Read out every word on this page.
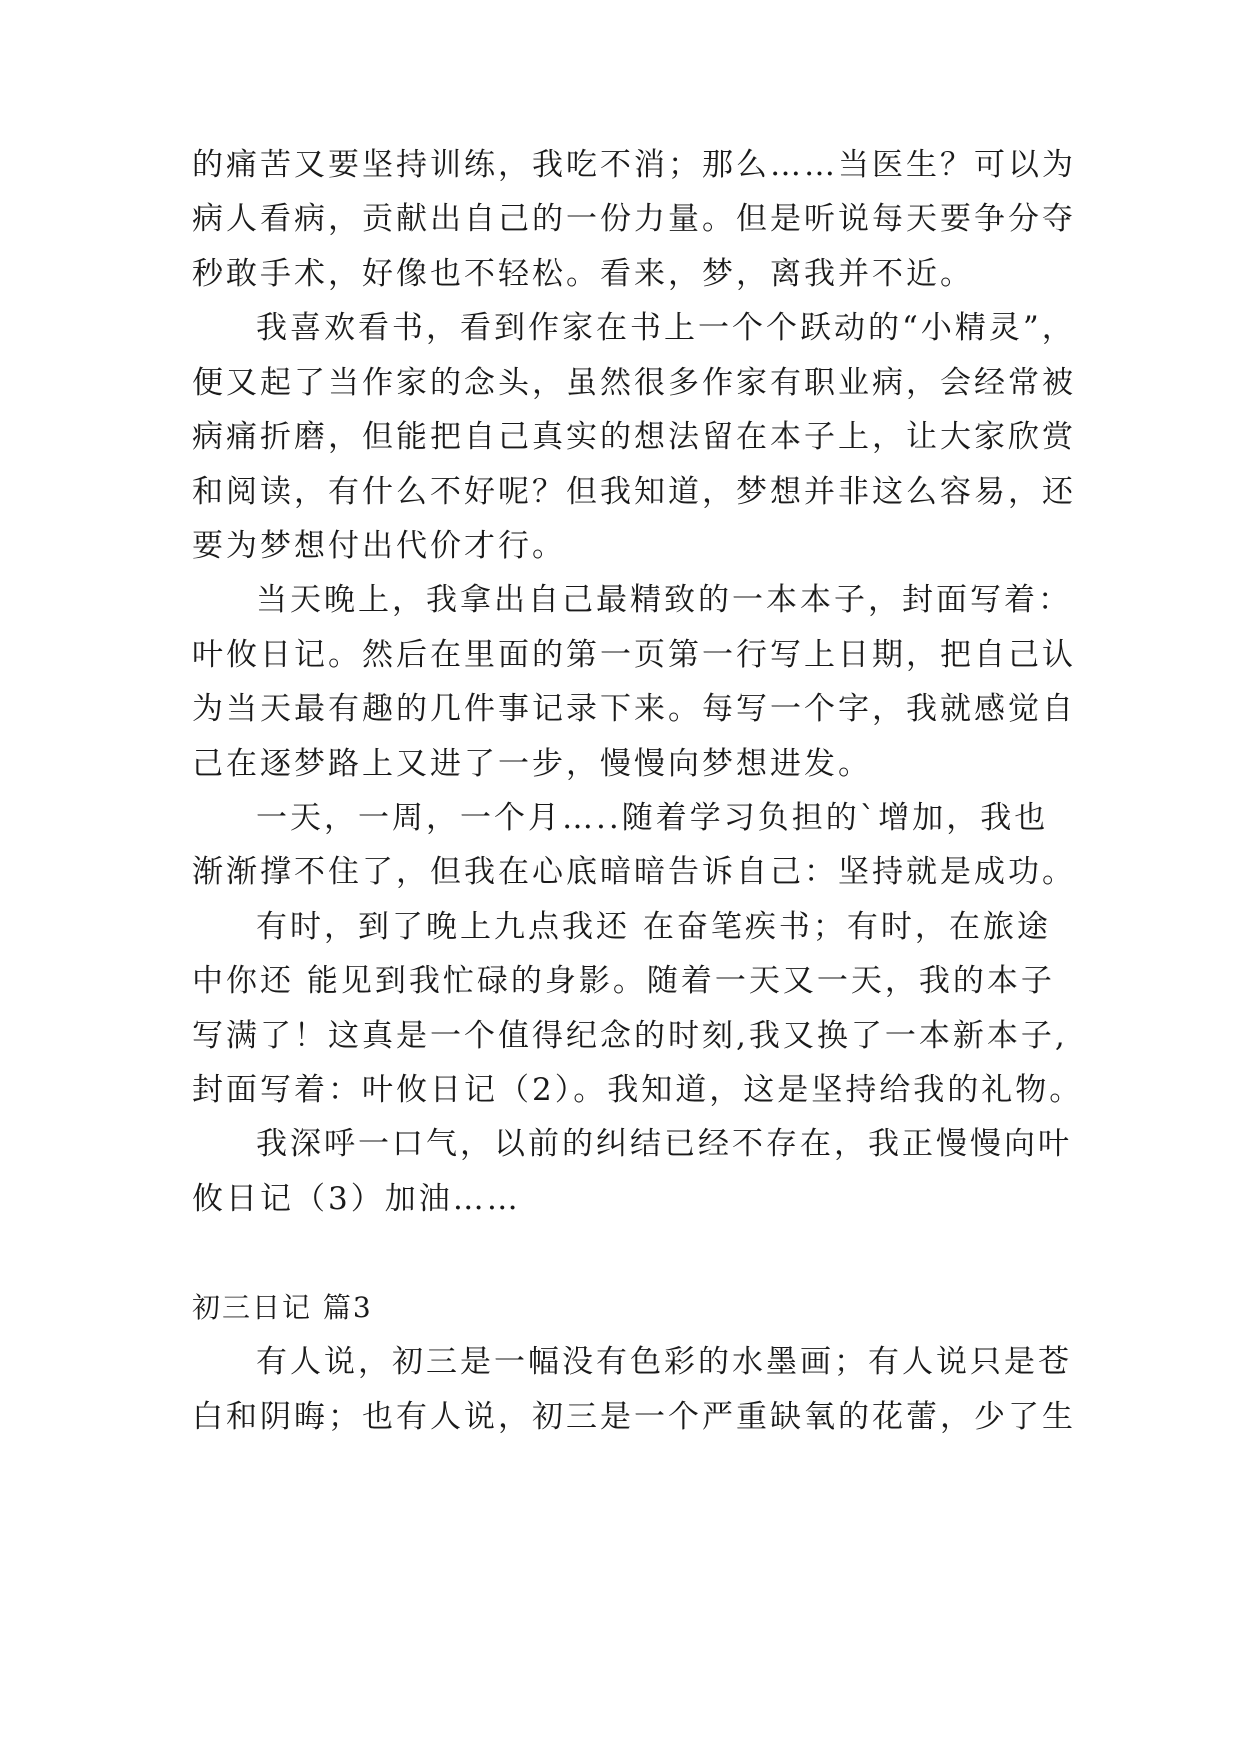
的痛苦又要坚持训练，我吃不消；那么……当医生？可以为
病人看病，贡献出自己的一份力量。但是听说每天要争分夺
秒敢手术，好像也不轻松。看来，梦，离我并不近。
我喜欢看书，看到作家在书上一个个跃动的“小精灵”，
便又起了当作家的念头，虽然很多作家有职业病，会经常被
病痛折磨，但能把自己真实的想法留在本子上，让大家欣赏
和阅读，有什么不好呢？但我知道，梦想并非这么容易，还
要为梦想付出代价才行。
当天晚上，我拿出自己最精致的一本本子，封面写着：
叶攸日记。然后在里面的第一页第一行写上日期，把自己认
为当天最有趣的几件事记录下来。每写一个字，我就感觉自
己在逐梦路上又进了一步，慢慢向梦想进发。
一天，一周，一个月…..随着学习负担的`增加，我也
渐渐撑不住了，但我在心底暗暗告诉自己：坚持就是成功。
有时，到了晚上九点我还 在奋笔疾书；有时，在旅途
中你还 能见到我忙碌的身影。随着一天又一天，我的本子
写满了！这真是一个值得纪念的时刻,我又换了一本新本子,
封面写着：叶攸日记（2）。我知道，这是坚持给我的礼物。
我深呼一口气，以前的纠结已经不存在，我正慢慢向叶
攸日记（3）加油……
初三日记 篇3
有人说，初三是一幅没有色彩的水墨画；有人说只是苍
白和阴晦；也有人说，初三是一个严重缺氧的花蕾，少了生
